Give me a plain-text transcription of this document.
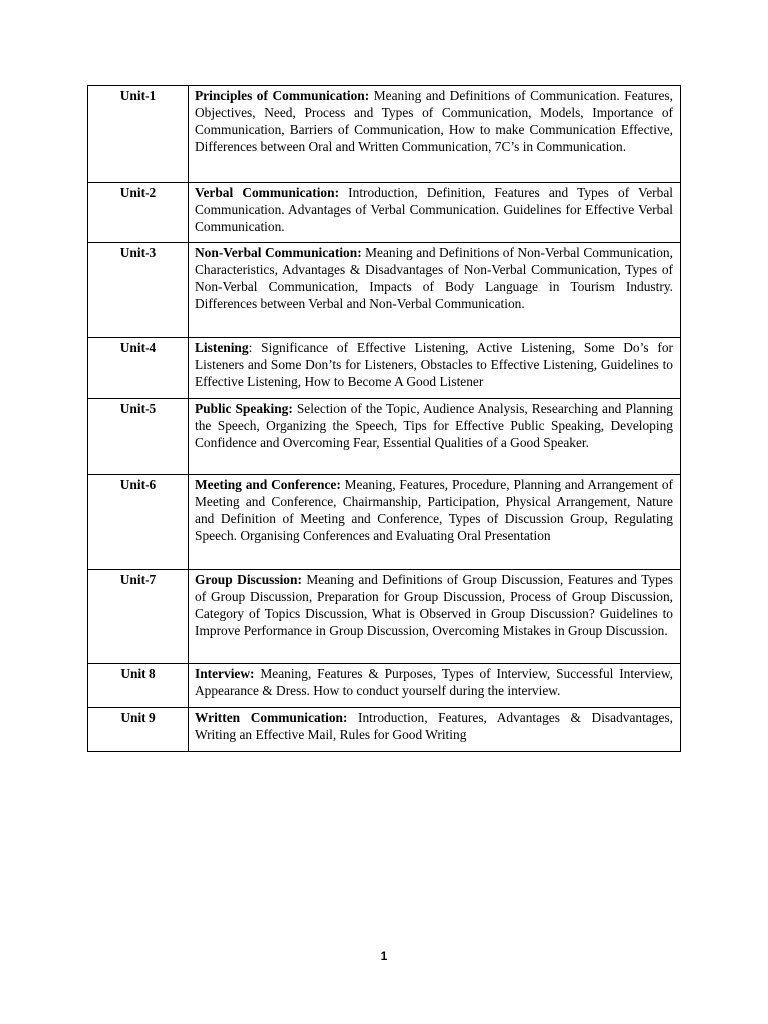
Unit-1	Principles of Communication: Meaning and Definitions of Communication. Features, Objectives, Need, Process and Types of Communication, Models, Importance of Communication, Barriers of Communication, How to make Communication Effective, Differences between Oral and Written Communication, 7C’s in Communication.
Unit-2	Verbal Communication: Introduction, Definition, Features and Types of Verbal Communication. Advantages of Verbal Communication. Guidelines for Effective Verbal Communication.
Unit-3	Non-Verbal Communication: Meaning and Definitions of Non-Verbal Communication, Characteristics, Advantages & Disadvantages of Non-Verbal Communication, Types of Non-Verbal Communication, Impacts of Body Language in Tourism Industry. Differences between Verbal and Non-Verbal Communication.
Unit-4	Listening: Significance of Effective Listening, Active Listening, Some Do’s for Listeners and Some Don’ts for Listeners, Obstacles to Effective Listening, Guidelines to Effective Listening, How to Become A Good Listener
Unit-5	Public Speaking: Selection of the Topic, Audience Analysis, Researching and Planning the Speech, Organizing the Speech, Tips for Effective Public Speaking, Developing Confidence and Overcoming Fear, Essential Qualities of a Good Speaker.
Unit-6	Meeting and Conference: Meaning, Features, Procedure, Planning and Arrangement of Meeting and Conference, Chairmanship, Participation, Physical Arrangement, Nature and Definition of Meeting and Conference, Types of Discussion Group, Regulating Speech. Organising Conferences and Evaluating Oral Presentation
Unit-7	Group Discussion: Meaning and Definitions of Group Discussion, Features and Types of Group Discussion, Preparation for Group Discussion, Process of Group Discussion, Category of Topics Discussion, What is Observed in Group Discussion? Guidelines to Improve Performance in Group Discussion, Overcoming Mistakes in Group Discussion.
Unit 8	Interview: Meaning, Features & Purposes, Types of Interview, Successful Interview, Appearance & Dress. How to conduct yourself during the interview.
Unit 9	Written Communication: Introduction, Features, Advantages & Disadvantages, Writing an Effective Mail, Rules for Good Writing
1
